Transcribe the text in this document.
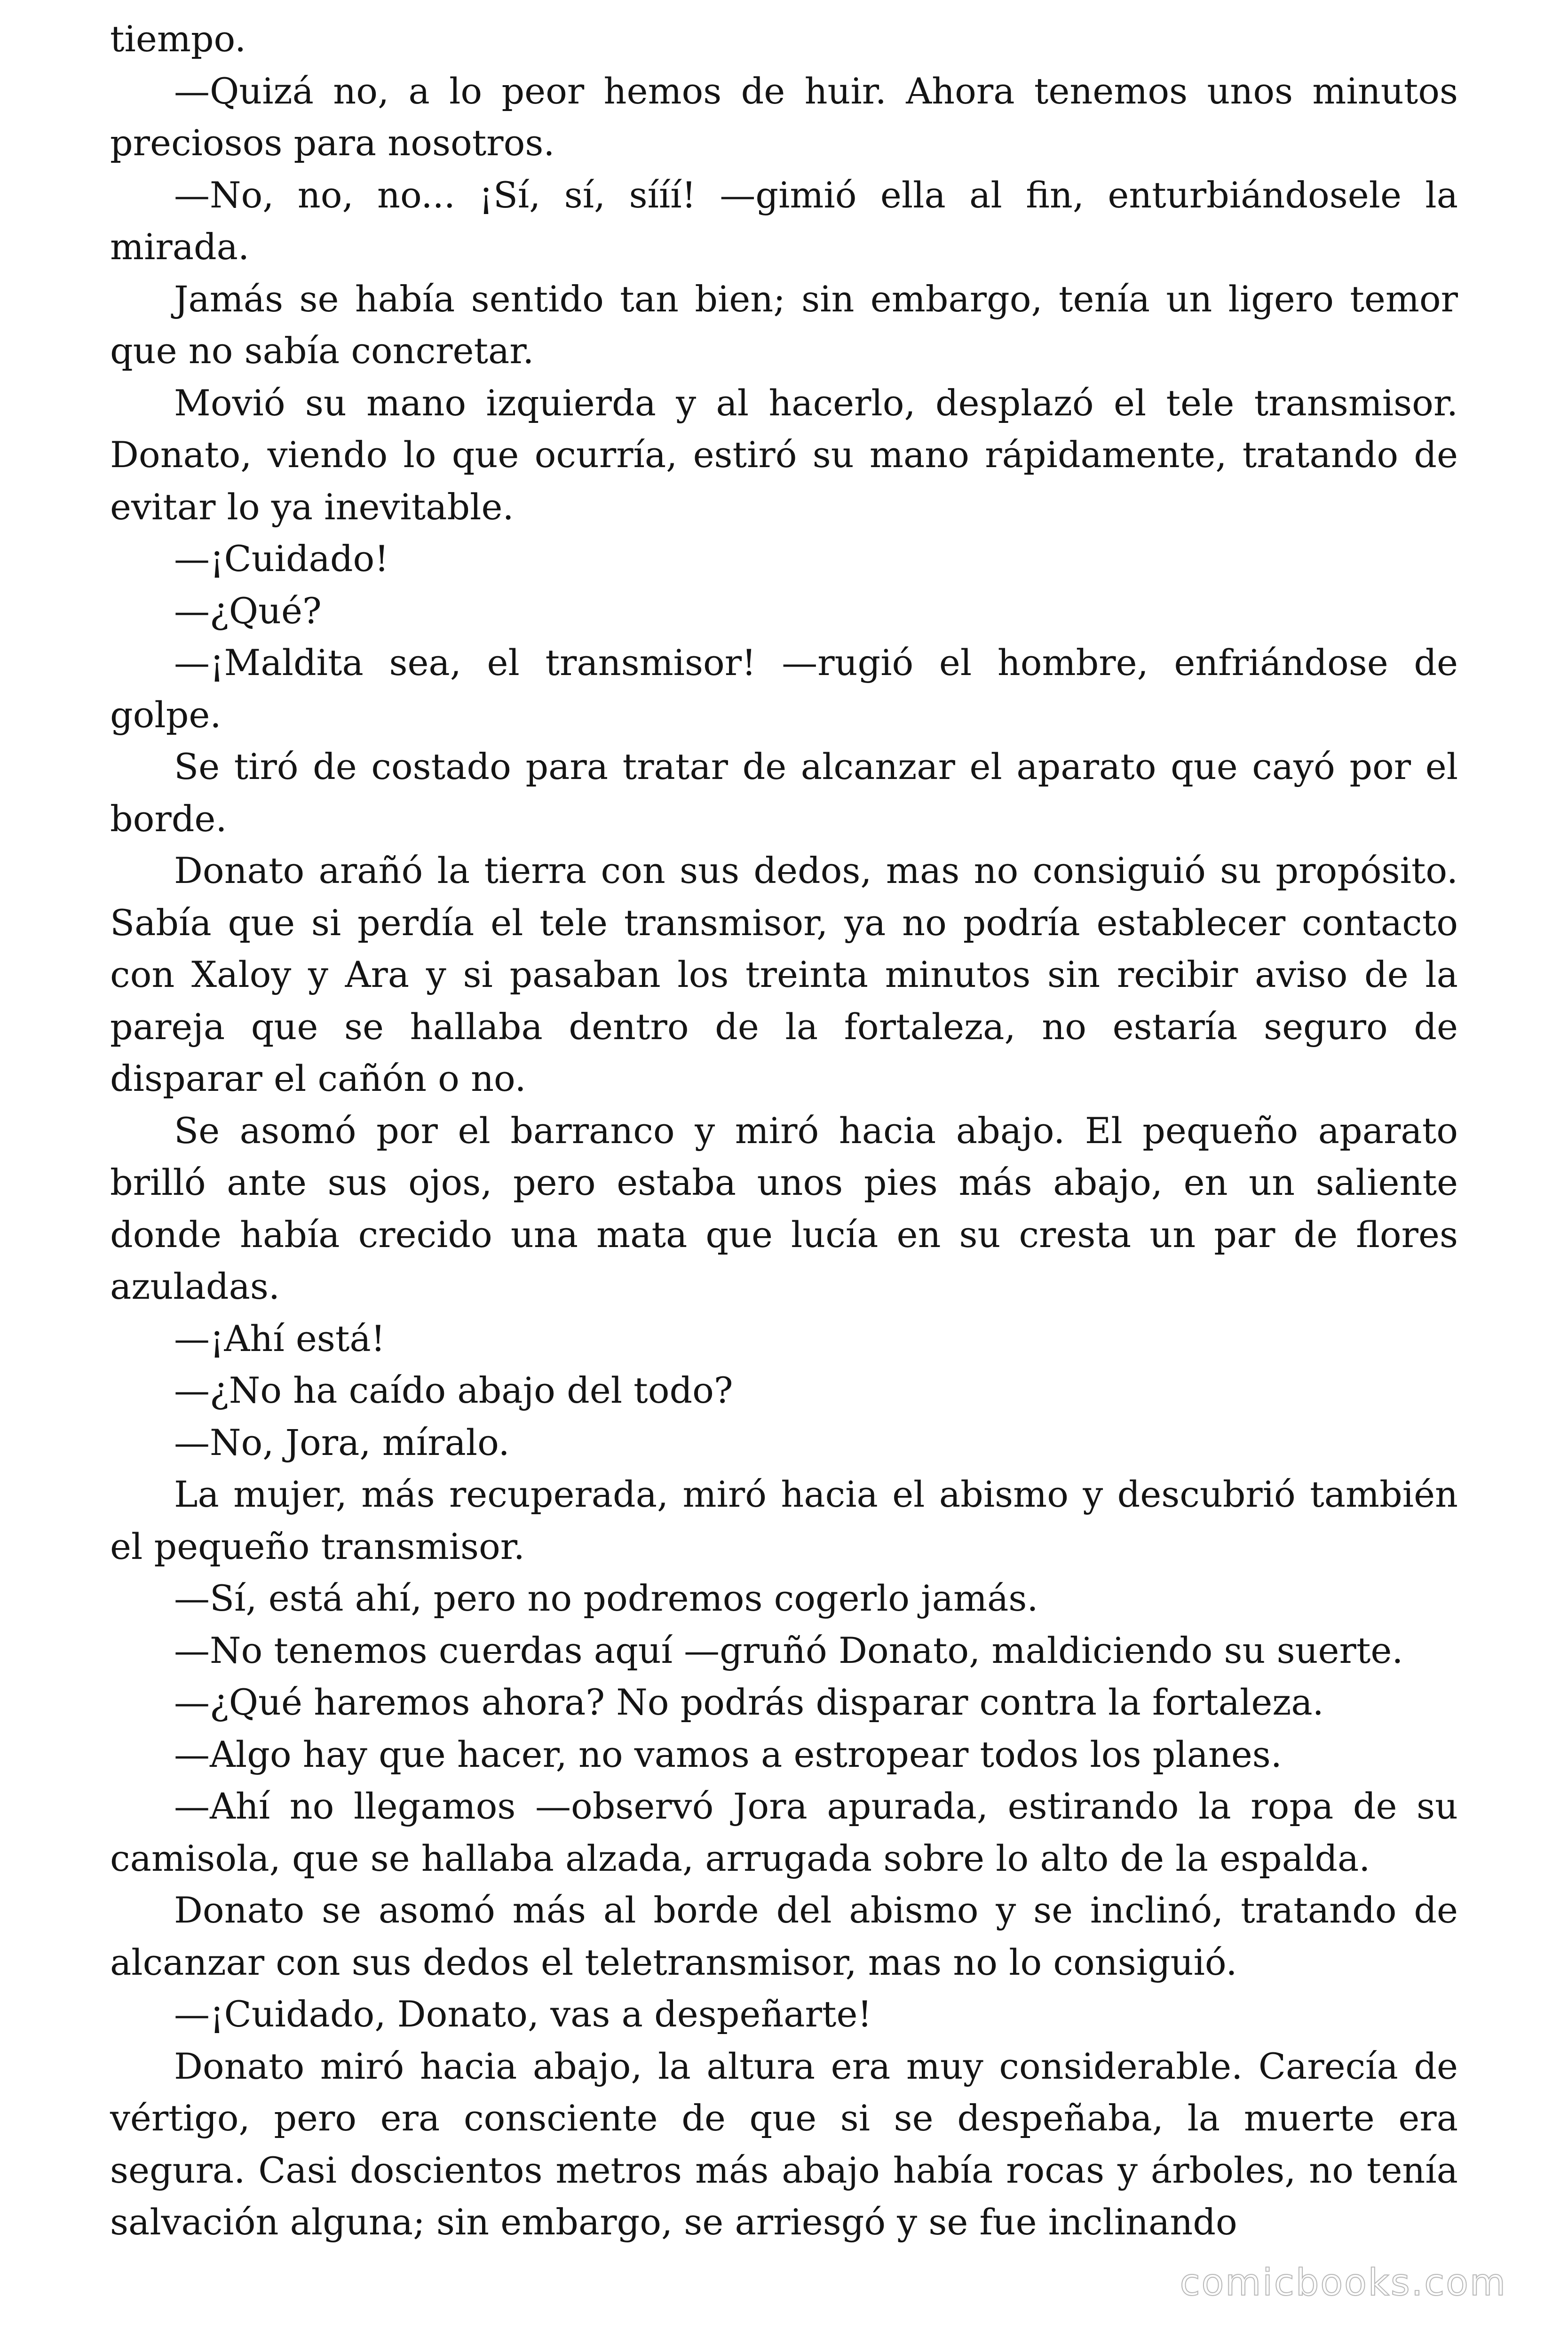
tiempo.

—Quizá no, a lo peor hemos de huir. Ahora tenemos unos minutos preciosos para nosotros.

—No, no, no... ¡Sí, sí, sííí! —gimió ella al fin, enturbiándosele la mirada.

Jamás se había sentido tan bien; sin embargo, tenía un ligero temor que no sabía concretar.

Movió su mano izquierda y al hacerlo, desplazó el tele transmisor. Donato, viendo lo que ocurría, estiró su mano rápidamente, tratando de evitar lo ya inevitable.

—¡Cuidado!

—¿Qué?

—¡Maldita sea, el transmisor! —rugió el hombre, enfriándose de golpe.

Se tiró de costado para tratar de alcanzar el aparato que cayó por el borde.

Donato arañó la tierra con sus dedos, mas no consiguió su propósito. Sabía que si perdía el tele transmisor, ya no podría establecer contacto con Xaloy y Ara y si pasaban los treinta minutos sin recibir aviso de la pareja que se hallaba dentro de la fortaleza, no estaría seguro de disparar el cañón o no.

Se asomó por el barranco y miró hacia abajo. El pequeño aparato brilló ante sus ojos, pero estaba unos pies más abajo, en un saliente donde había crecido una mata que lucía en su cresta un par de flores azuladas.

—¡Ahí está!

—¿No ha caído abajo del todo?

—No, Jora, míralo.

La mujer, más recuperada, miró hacia el abismo y descubrió también el pequeño transmisor.

—Sí, está ahí, pero no podremos cogerlo jamás.

—No tenemos cuerdas aquí —gruñó Donato, maldiciendo su suerte.

—¿Qué haremos ahora? No podrás disparar contra la fortaleza.

—Algo hay que hacer, no vamos a estropear todos los planes.

—Ahí no llegamos —observó Jora apurada, estirando la ropa de su camisola, que se hallaba alzada, arrugada sobre lo alto de la espalda.

Donato se asomó más al borde del abismo y se inclinó, tratando de alcanzar con sus dedos el teletransmisor, mas no lo consiguió.

—¡Cuidado, Donato, vas a despeñarte!

Donato miró hacia abajo, la altura era muy considerable. Carecía de vértigo, pero era consciente de que si se despeñaba, la muerte era segura. Casi doscientos metros más abajo había rocas y árboles, no tenía salvación alguna; sin embargo, se arriesgó y se fue inclinando

comicbooks.com
